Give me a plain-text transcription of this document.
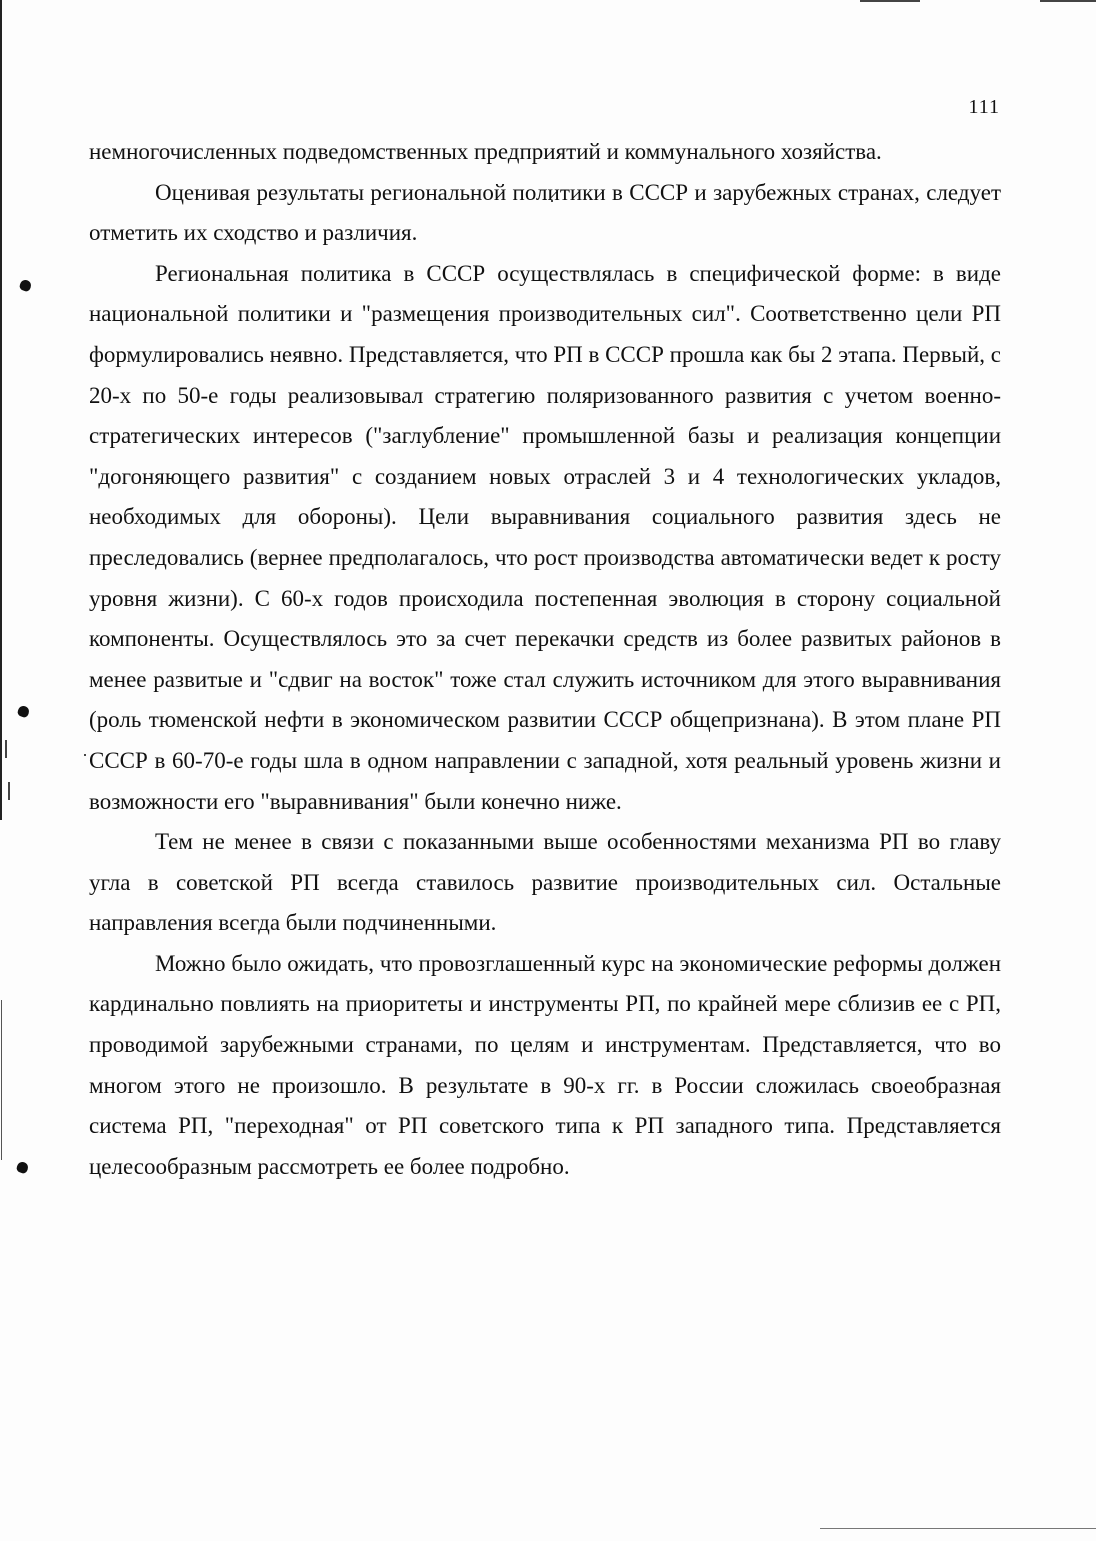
111

немногочисленных подведомственных предприятий и коммунального хозяйства.

Оценивая результаты региональной политики в СССР и зарубежных странах, следует отметить их сходство и различия.

Региональная политика в СССР осуществлялась в специфической форме: в виде национальной политики и "размещения производительных сил". Соответственно цели РП формулировались неявно. Представляется, что РП в СССР прошла как бы 2 этапа. Первый, с 20-х по 50-е годы реализовывал стратегию поляризованного развития с учетом военно-стратегических интересов ("заглубление" промышленной базы и реализация концепции "догоняющего развития" с созданием новых отраслей 3 и 4 технологических укладов, необходимых для обороны). Цели выравнивания социального развития здесь не преследовались (вернее предполагалось, что рост производства автоматически ведет к росту уровня жизни). С 60-х годов происходила постепенная эволюция в сторону социальной компоненты. Осуществлялось это за счет перекачки средств из более развитых районов в менее развитые и "сдвиг на восток" тоже стал служить источником для этого выравнивания (роль тюменской нефти в экономическом развитии СССР общепризнана). В этом плане РП СССР в 60-70-е годы шла в одном направлении с западной, хотя реальный уровень жизни и возможности его "выравнивания" были конечно ниже.

Тем не менее в связи с показанными выше особенностями механизма РП во главу угла в советской РП всегда ставилось развитие производительных сил. Остальные направления всегда были подчиненными.

Можно было ожидать, что провозглашенный курс на экономические реформы должен кардинально повлиять на приоритеты и инструменты РП, по крайней мере сблизив ее с РП, проводимой зарубежными странами, по целям и инструментам. Представляется, что во многом этого не произошло. В результате в 90-х гг. в России сложилась своеобразная система РП, "переходная" от РП советского типа к РП западного типа. Представляется целесообразным рассмотреть ее более подробно.
